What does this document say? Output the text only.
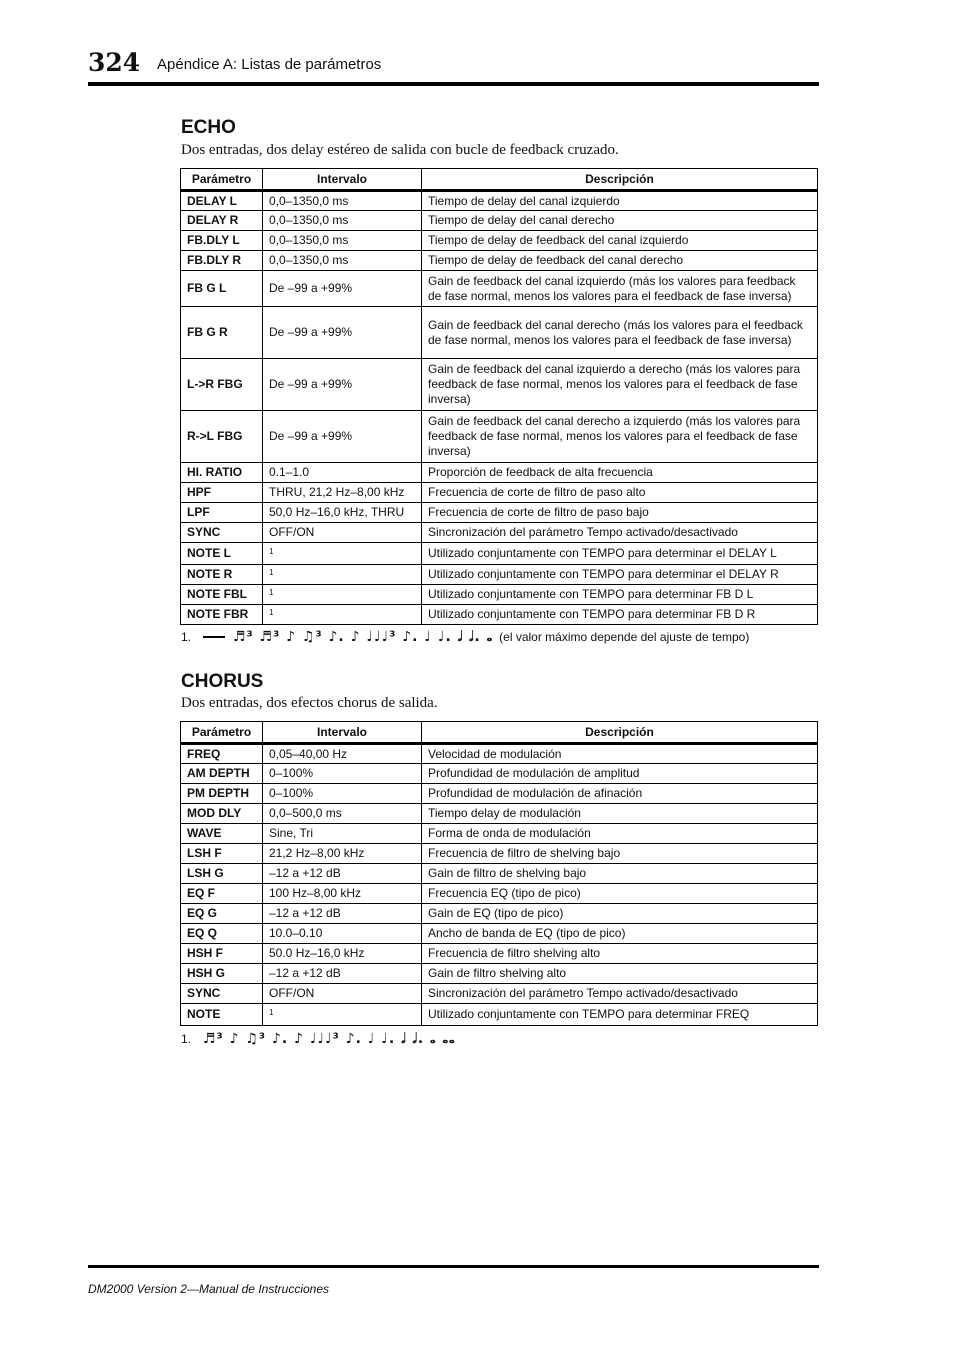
324 Apéndice A: Listas de parámetros
ECHO
Dos entradas, dos delay estéreo de salida con bucle de feedback cruzado.
Parámetro	Intervalo	Descripción
DELAY L	0,0–1350,0 ms	Tiempo de delay del canal izquierdo
DELAY R	0,0–1350,0 ms	Tiempo de delay del canal derecho
FB.DLY L	0,0–1350,0 ms	Tiempo de delay de feedback del canal izquierdo
FB.DLY R	0,0–1350,0 ms	Tiempo de delay de feedback del canal derecho
FB G L	De –99 a +99%	Gain de feedback del canal izquierdo (más los valores para feedback de fase normal, menos los valores para el feedback de fase inversa)
FB G R	De –99 a +99%	Gain de feedback del canal derecho (más los valores para el feedback de fase normal, menos los valores para el feedback de fase inversa)
L->R FBG	De –99 a +99%	Gain de feedback del canal izquierdo a derecho (más los valores para feedback de fase normal, menos los valores para el feedback de fase inversa)
R->L FBG	De –99 a +99%	Gain de feedback del canal derecho a izquierdo (más los valores para feedback de fase normal, menos los valores para el feedback de fase inversa)
HI. RATIO	0.1–1.0	Proporción de feedback de alta frecuencia
HPF	THRU, 21,2 Hz–8,00 kHz	Frecuencia de corte de filtro de paso alto
LPF	50,0 Hz–16,0 kHz, THRU	Frecuencia de corte de filtro de paso bajo
SYNC	OFF/ON	Sincronización del parámetro Tempo activado/desactivado
NOTE L	$^1$	Utilizado conjuntamente con TEMPO para determinar el DELAY L
NOTE R	$^1$	Utilizado conjuntamente con TEMPO para determinar el DELAY R
NOTE FBL	$^1$	Utilizado conjuntamente con TEMPO para determinar FB D L
NOTE FBR	$^1$	Utilizado conjuntamente con TEMPO para determinar FB D R
1.	♬³ ♬³ ♪ ♫³ ♪. ♪ ♩♩♩³ ♪. ♩ ♩. 𝅗𝅥 𝅗𝅥. 𝅝 (el valor máximo depende del ajuste de tempo)
CHORUS
Dos entradas, dos efectos chorus de salida.
Parámetro	Intervalo	Descripción
FREQ	0,05–40,00 Hz	Velocidad de modulación
AM DEPTH	0–100%	Profundidad de modulación de amplitud
PM DEPTH	0–100%	Profundidad de modulación de afinación
MOD DLY	0,0–500,0 ms	Tiempo delay de modulación
WAVE	Sine, Tri	Forma de onda de modulación
LSH F	21,2 Hz–8,00 kHz	Frecuencia de filtro de shelving bajo
LSH G	–12 a +12 dB	Gain de filtro de shelving bajo
EQ F	100 Hz–8,00 kHz	Frecuencia EQ (tipo de pico)
EQ G	–12 a +12 dB	Gain de EQ (tipo de pico)
EQ Q	10.0–0.10	Ancho de banda de EQ (tipo de pico)
HSH F	50.0 Hz–16,0 kHz	Frecuencia de filtro shelving alto
HSH G	–12 a +12 dB	Gain de filtro shelving alto
SYNC	OFF/ON	Sincronización del parámetro Tempo activado/desactivado
NOTE	$^1$	Utilizado conjuntamente con TEMPO para determinar FREQ
1. ♬³ ♪ ♫³ ♪. ♪ ♩♩♩³ ♪. ♩ ♩. 𝅗𝅥 𝅗𝅥. 𝅝 𝅝𝅝
DM2000 Version 2—Manual de Instrucciones
